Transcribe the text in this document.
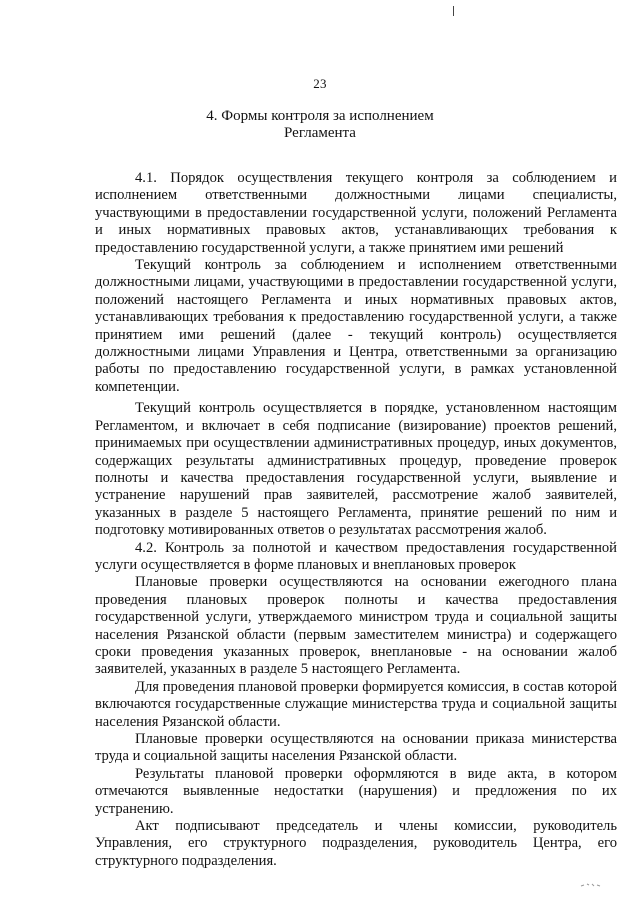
23
4. Формы контроля за исполнением
Регламента

4.1. Порядок осуществления текущего контроля за соблюдением и исполнением ответственными должностными лицами специалисты, участвующими в предоставлении государственной услуги, положений Регламента и иных нормативных правовых актов, устанавливающих требования к предоставлению государственной услуги, а также принятием ими решений

Текущий контроль за соблюдением и исполнением ответственными должностными лицами, участвующими в предоставлении государственной услуги, положений настоящего Регламента и иных нормативных правовых актов, устанавливающих требования к предоставлению государственной услуги, а также принятием ими решений (далее - текущий контроль) осуществляется должностными лицами Управления и Центра, ответственными за организацию работы по предоставлению государственной услуги, в рамках установленной компетенции.

Текущий контроль осуществляется в порядке, установленном настоящим Регламентом, и включает в себя подписание (визирование) проектов решений, принимаемых при осуществлении административных процедур, иных документов, содержащих результаты административных процедур, проведение проверок полноты и качества предоставления государственной услуги, выявление и устранение нарушений прав заявителей, рассмотрение жалоб заявителей, указанных в разделе 5 настоящего Регламента, принятие решений по ним и подготовку мотивированных ответов о результатах рассмотрения жалоб.

4.2. Контроль за полнотой и качеством предоставления государственной услуги осуществляется в форме плановых и внеплановых проверок

Плановые проверки осуществляются на основании ежегодного плана проведения плановых проверок полноты и качества предоставления государственной услуги, утверждаемого министром труда и социальной защиты населения Рязанской области (первым заместителем министра) и содержащего сроки проведения указанных проверок, внеплановые - на основании жалоб заявителей, указанных в разделе 5 настоящего Регламента.

Для проведения плановой проверки формируется комиссия, в состав которой включаются государственные служащие министерства труда и социальной защиты населения Рязанской области.

Плановые проверки осуществляются на основании приказа министерства труда и социальной защиты населения Рязанской области.

Результаты плановой проверки оформляются в виде акта, в котором отмечаются выявленные недостатки (нарушения) и предложения по их устранению.

Акт подписывают председатель и члены комиссии, руководитель Управления, его структурного подразделения, руководитель Центра, его структурного подразделения.
